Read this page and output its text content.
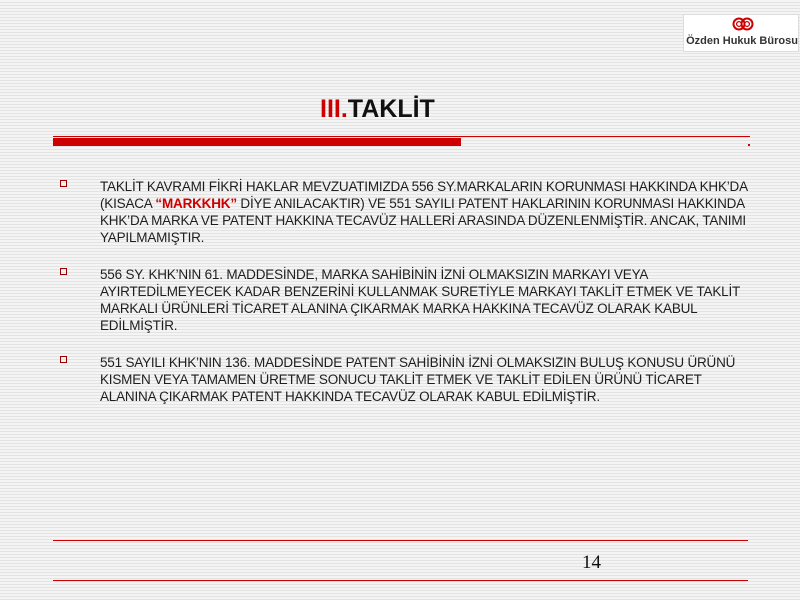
Özden Hukuk Bürosu
III.TAKLİT
TAKLİT KAVRAMI FİKRİ HAKLAR MEVZUATIMIZDA 556 SY.MARKALARIN KORUNMASI HAKKINDA KHK’DA (KISACA “MARKKHK” DİYE ANILACAKTIR) VE 551 SAYILI PATENT HAKLARININ KORUNMASI HAKKINDA KHK’DA MARKA VE PATENT HAKKINA TECAVÜZ HALLERİ ARASINDA DÜZENLENMİŞTİR. ANCAK, TANIMI YAPILMAMIŞTIR.
556 SY. KHK’NIN 61. MADDESİNDE, MARKA SAHİBİNİN İZNİ OLMAKSIZIN MARKAYI VEYA AYIRTEDİLMEYECEK KADAR BENZERİNİ KULLANMAK SURETİYLE MARKAYI TAKLİT ETMEK VE TAKLİT MARKALI ÜRÜNLERİ TİCARET ALANINA ÇIKARMAK MARKA HAKKINA TECAVÜZ OLARAK KABUL EDİLMİŞTİR.
551 SAYILI KHK’NIN 136. MADDESİNDE PATENT SAHİBİNİN İZNİ OLMAKSIZIN BULUŞ KONUSU ÜRÜNÜ KISMEN VEYA TAMAMEN ÜRETME SONUCU TAKLİT ETMEK VE TAKLİT EDİLEN ÜRÜNÜ TİCARET ALANINA ÇIKARMAK PATENT HAKKINDA TECAVÜZ OLARAK KABUL EDİLMİŞTİR.
14
